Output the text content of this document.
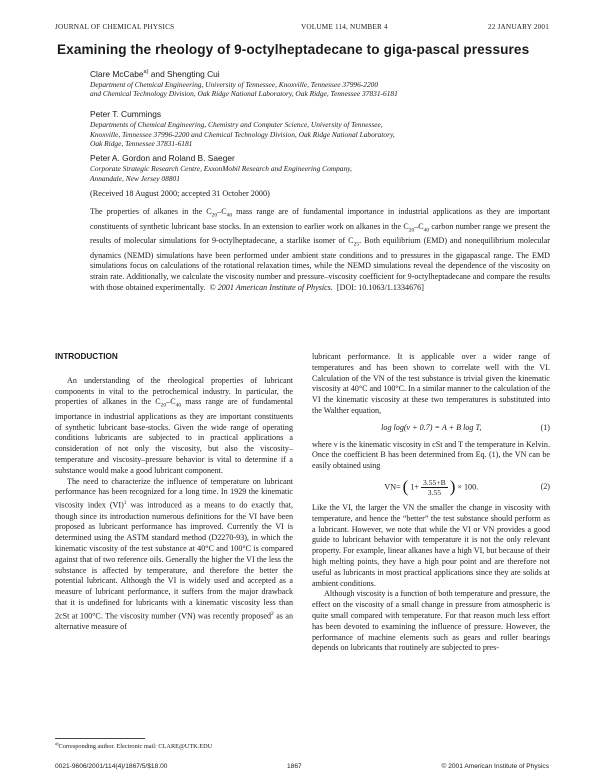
JOURNAL OF CHEMICAL PHYSICS	VOLUME 114, NUMBER 4	22 JANUARY 2001
Examining the rheology of 9-octylheptadecane to giga-pascal pressures
Clare McCabe$^{a)}$ and Shengting Cui
Department of Chemical Engineering, University of Tennessee, Knoxville, Tennessee 37996-2200
and Chemical Technology Division, Oak Ridge National Laboratory, Oak Ridge, Tennessee 37831-6181
Peter T. Cummings
Departments of Chemical Engineering, Chemistry and Computer Science, University of Tennessee,
Knoxville, Tennessee 37996-2200 and Chemical Technology Division, Oak Ridge National Laboratory,
Oak Ridge, Tennessee 37831-6181
Peter A. Gordon and Roland B. Saeger
Corporate Strategic Research Centre, ExxonMobil Research and Engineering Company,
Annandale, New Jersey 08801
(Received 18 August 2000; accepted 31 October 2000)
The properties of alkanes in the $C_{20}-C_{40}$ mass range are of fundamental importance in industrial applications as they are important constituents of synthetic lubricant base stocks. In an extension to earlier work on alkanes in the $C_{20}-C_{40}$ carbon number range we present the results of molecular simulations for 9-octylheptadecane, a starlike isomer of $C_{25}$. Both equilibrium (EMD) and nonequilibrium molecular dynamics (NEMD) simulations have been performed under ambient state conditions and to pressures in the gigapascal range. The EMD simulations focus on calculations of the rotational relaxation times, while the NEMD simulations reveal the dependence of the viscosity on strain rate. Additionally, we calculate the viscosity number and pressure–viscosity coefficient for 9-octylheptadecane and compare the results with those obtained experimentally. © 2001 American Institute of Physics. [DOI: 10.1063/1.1334676]
INTRODUCTION

An understanding of the rheological properties of lubricant components in vital to the petrochemical industry. In particular, the properties of alkanes in the $C_{20}-C_{40}$ mass range are of fundamental importance in industrial applications as they are important constituents of synthetic lubricant base-stocks. Given the wide range of operating conditions lubricants are subjected to in practical applications a consideration of not only the viscosity, but also the viscosity–temperature and viscosity–pressure behavior is vital to determine if a substance would make a good lubricant component.

The need to characterize the influence of temperature on lubricant performance has been recognized for a long time. In 1929 the kinematic viscosity index (VI)$^1$ was introduced as a means to do exactly that, though since its introduction numerous definitions for the VI have been proposed as lubricant performance has improved. Currently the VI is determined using the ASTM standard method (D2270-93), in which the kinematic viscosity of the test substance at 40°C and 100°C is compared against that of two reference oils. Generally the higher the VI the less the substance is affected by temperature, and therefore the better the potential lubricant. Although the VI is widely used and accepted as a measure of lubricant performance, it suffers from the major drawback that it is undefined for lubricants with a kinematic viscosity less than 2cSt at 100°C. The viscosity number (VN) was recently proposed$^2$ as an alternative measure of

lubricant performance. It is applicable over a wider range of temperatures and has been shown to correlate well with the VI. Calculation of the VN of the test substance is trivial given the kinematic viscosity at 40°C and 100°C. In a similar manner to the calculation of the VI the kinematic viscosity at these two temperatures is substituted into the Walther equation,

log log(ν + 0.7) = A + B log T,	(1)

where ν is the kinematic viscosity in cSt and T the temperature in Kelvin. Once the coefficient B has been determined from Eq. (1), the VN can be easily obtained using

VN= ( $1+ \frac{3.55+B}{3.55}$ ) × 100.	(2)

Like the VI, the larger the VN the smaller the change in viscosity with temperature, and hence the “better” the test substance should perform as a lubricant. However, we note that while the VI or VN provides a good guide to lubricant behavior with temperature it is not the only relevant property. For example, linear alkanes have a high VI, but because of their high melting points, they have a high pour point and are therefore not useful as lubricants in most practical applications since they are solids at ambient conditions.

Although viscosity is a function of both temperature and pressure, the effect on the viscosity of a small change in pressure from atmospheric is quite small compared with temperature. For that reason much less effort has been devoted to examining the influence of pressure. However, the performance of machine elements such as gears and roller bearings depends on lubricants that routinely are subjected to pres-

$^{a)}$Corresponding author. Electronic mail: CLARE@UTK.EDU
0021-9606/2001/114(4)/1867/5/$18.00	1867	© 2001 American Institute of Physics
